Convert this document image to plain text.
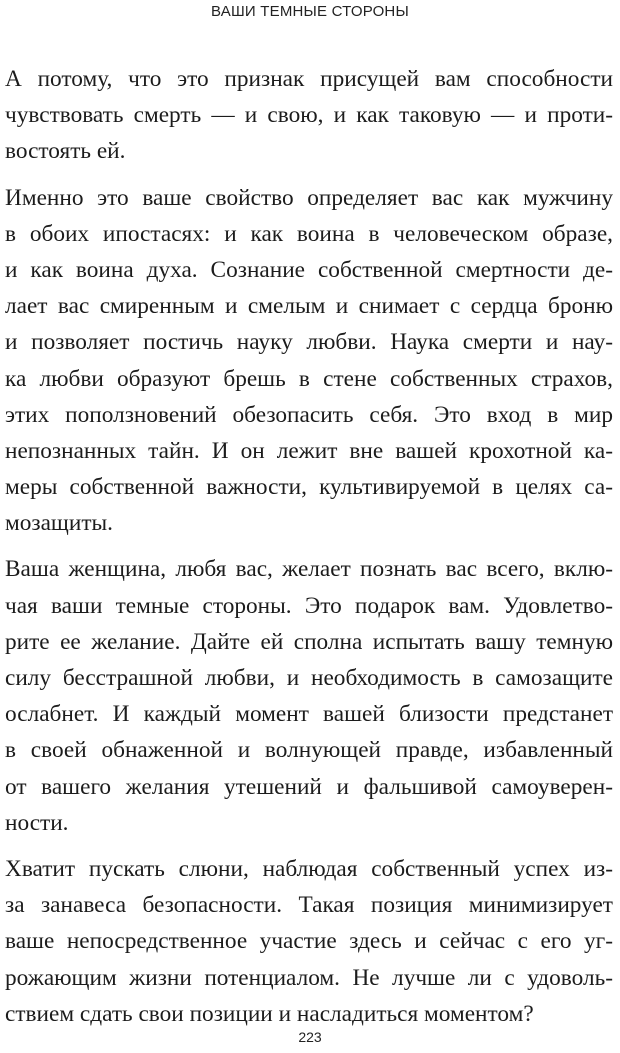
ВАШИ ТЕМНЫЕ СТОРОНЫ
А потому, что это признак присущей вам способности
чувствовать смерть — и свою, и как таковую — и проти-
востоять ей.
Именно это ваше свойство определяет вас как мужчину
в обоих ипостасях: и как воина в человеческом образе,
и как воина духа. Сознание собственной смертности де-
лает вас смиренным и смелым и снимает с сердца броню
и позволяет постичь науку любви. Наука смерти и нау-
ка любви образуют брешь в стене собственных страхов,
этих поползновений обезопасить себя. Это вход в мир
непознанных тайн. И он лежит вне вашей крохотной ка-
меры собственной важности, культивируемой в целях са-
мозащиты.
Ваша женщина, любя вас, желает познать вас всего, вклю-
чая ваши темные стороны. Это подарок вам. Удовлетво-
рите ее желание. Дайте ей сполна испытать вашу темную
силу бесстрашной любви, и необходимость в самозащите
ослабнет. И каждый момент вашей близости предстанет
в своей обнаженной и волнующей правде, избавленный
от вашего желания утешений и фальшивой самоуверен-
ности.
Хватит пускать слюни, наблюдая собственный успех из-
за занавеса безопасности. Такая позиция минимизирует
ваше непосредственное участие здесь и сейчас с его уг-
рожающим жизни потенциалом. Не лучше ли с удоволь-
ствием сдать свои позиции и насладиться моментом?
223
